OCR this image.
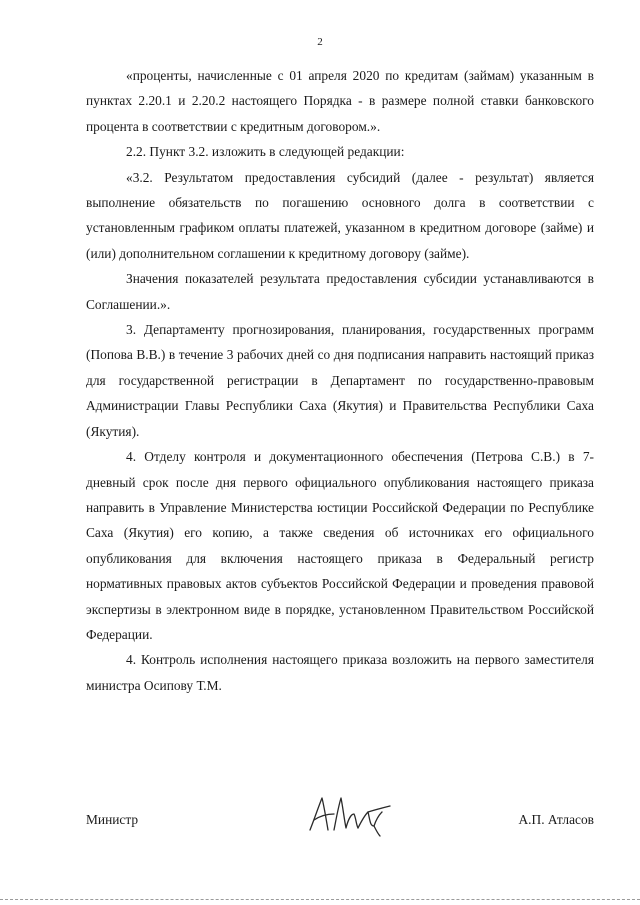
2

«проценты, начисленные с 01 апреля 2020 по кредитам (займам) указанным в пунктах 2.20.1 и 2.20.2 настоящего Порядка - в размере полной ставки банковского процента в соответствии с кредитным договором.».

2.2. Пункт 3.2. изложить в следующей редакции:

«3.2. Результатом предоставления субсидий (далее - результат) является выполнение обязательств по погашению основного долга в соответствии с установленным графиком оплаты платежей, указанном в кредитном договоре (займе) и (или) дополнительном соглашении к кредитному договору (займе).

Значения показателей результата предоставления субсидии устанавливаются в Соглашении.».

3. Департаменту прогнозирования, планирования, государственных программ (Попова В.В.) в течение 3 рабочих дней со дня подписания направить настоящий приказ для государственной регистрации в Департамент по государственно-правовым Администрации Главы Республики Саха (Якутия) и Правительства Республики Саха (Якутия).

4. Отделу контроля и документационного обеспечения (Петрова С.В.) в 7-дневный срок после дня первого официального опубликования настоящего приказа направить в Управление Министерства юстиции Российской Федерации по Республике Саха (Якутия) его копию, а также сведения об источниках его официального опубликования для включения настоящего приказа в Федеральный регистр нормативных правовых актов субъектов Российской Федерации и проведения правовой экспертизы в электронном виде в порядке, установленном Правительством Российской Федерации.

4. Контроль исполнения настоящего приказа возложить на первого заместителя министра Осипову Т.М.

Министр	А.П. Атласов
